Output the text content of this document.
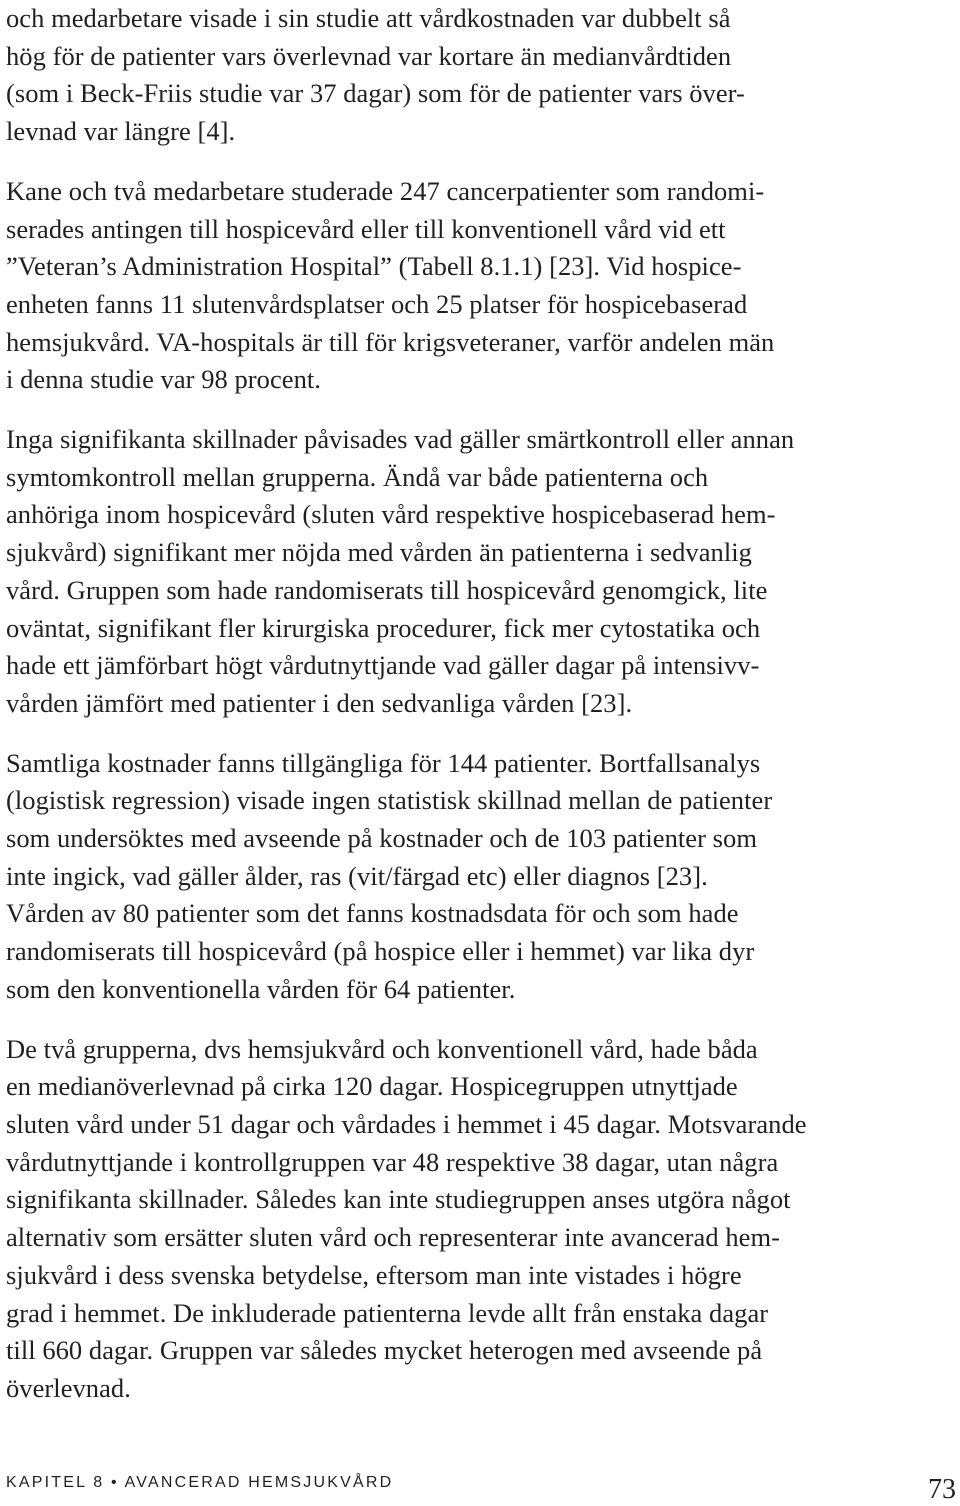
och medarbetare visade i sin studie att vårdkostnaden var dubbelt så
hög för de patienter vars överlevnad var kortare än medianvårdtiden
(som i Beck-Friis studie var 37 dagar) som för de patienter vars över-
levnad var längre [4].

Kane och två medarbetare studerade 247 cancerpatienter som randomi-
serades antingen till hospicevård eller till konventionell vård vid ett
”Veteran’s Administration Hospital” (Tabell 8.1.1) [23]. Vid hospice-
enheten fanns 11 slutenvårdsplatser och 25 platser för hospicebaserad
hemsjukvård. VA-hospitals är till för krigsveteraner, varför andelen män
i denna studie var 98 procent.

Inga signifikanta skillnader påvisades vad gäller smärtkontroll eller annan
symtomkontroll mellan grupperna. Ändå var både patienterna och
anhöriga inom hospicevård (sluten vård respektive hospicebaserad hem-
sjukvård) signifikant mer nöjda med vården än patienterna i sedvanlig
vård. Gruppen som hade randomiserats till hospicevård genomgick, lite
oväntat, signifikant fler kirurgiska procedurer, fick mer cytostatika och
hade ett jämförbart högt vårdutnyttjande vad gäller dagar på intensivv-
vården jämfört med patienter i den sedvanliga vården [23].

Samtliga kostnader fanns tillgängliga för 144 patienter. Bortfallsanalys
(logistisk regression) visade ingen statistisk skillnad mellan de patienter
som undersöktes med avseende på kostnader och de 103 patienter som
inte ingick, vad gäller ålder, ras (vit/färgad etc) eller diagnos [23].
Vården av 80 patienter som det fanns kostnadsdata för och som hade
randomiserats till hospicevård (på hospice eller i hemmet) var lika dyr
som den konventionella vården för 64 patienter.

De två grupperna, dvs hemsjukvård och konventionell vård, hade båda
en medianöverlevnad på cirka 120 dagar. Hospicegruppen utnyttjade
sluten vård under 51 dagar och vårdades i hemmet i 45 dagar. Motsvarande
vårdutnyttjande i kontrollgruppen var 48 respektive 38 dagar, utan några
signifikanta skillnader. Således kan inte studiegruppen anses utgöra något
alternativ som ersätter sluten vård och representerar inte avancerad hem-
sjukvård i dess svenska betydelse, eftersom man inte vistades i högre
grad i hemmet. De inkluderade patienterna levde allt från enstaka dagar
till 660 dagar. Gruppen var således mycket heterogen med avseende på
överlevnad.

KAPITEL 8 • AVANCERAD HEMSJUKVÅRD	73
